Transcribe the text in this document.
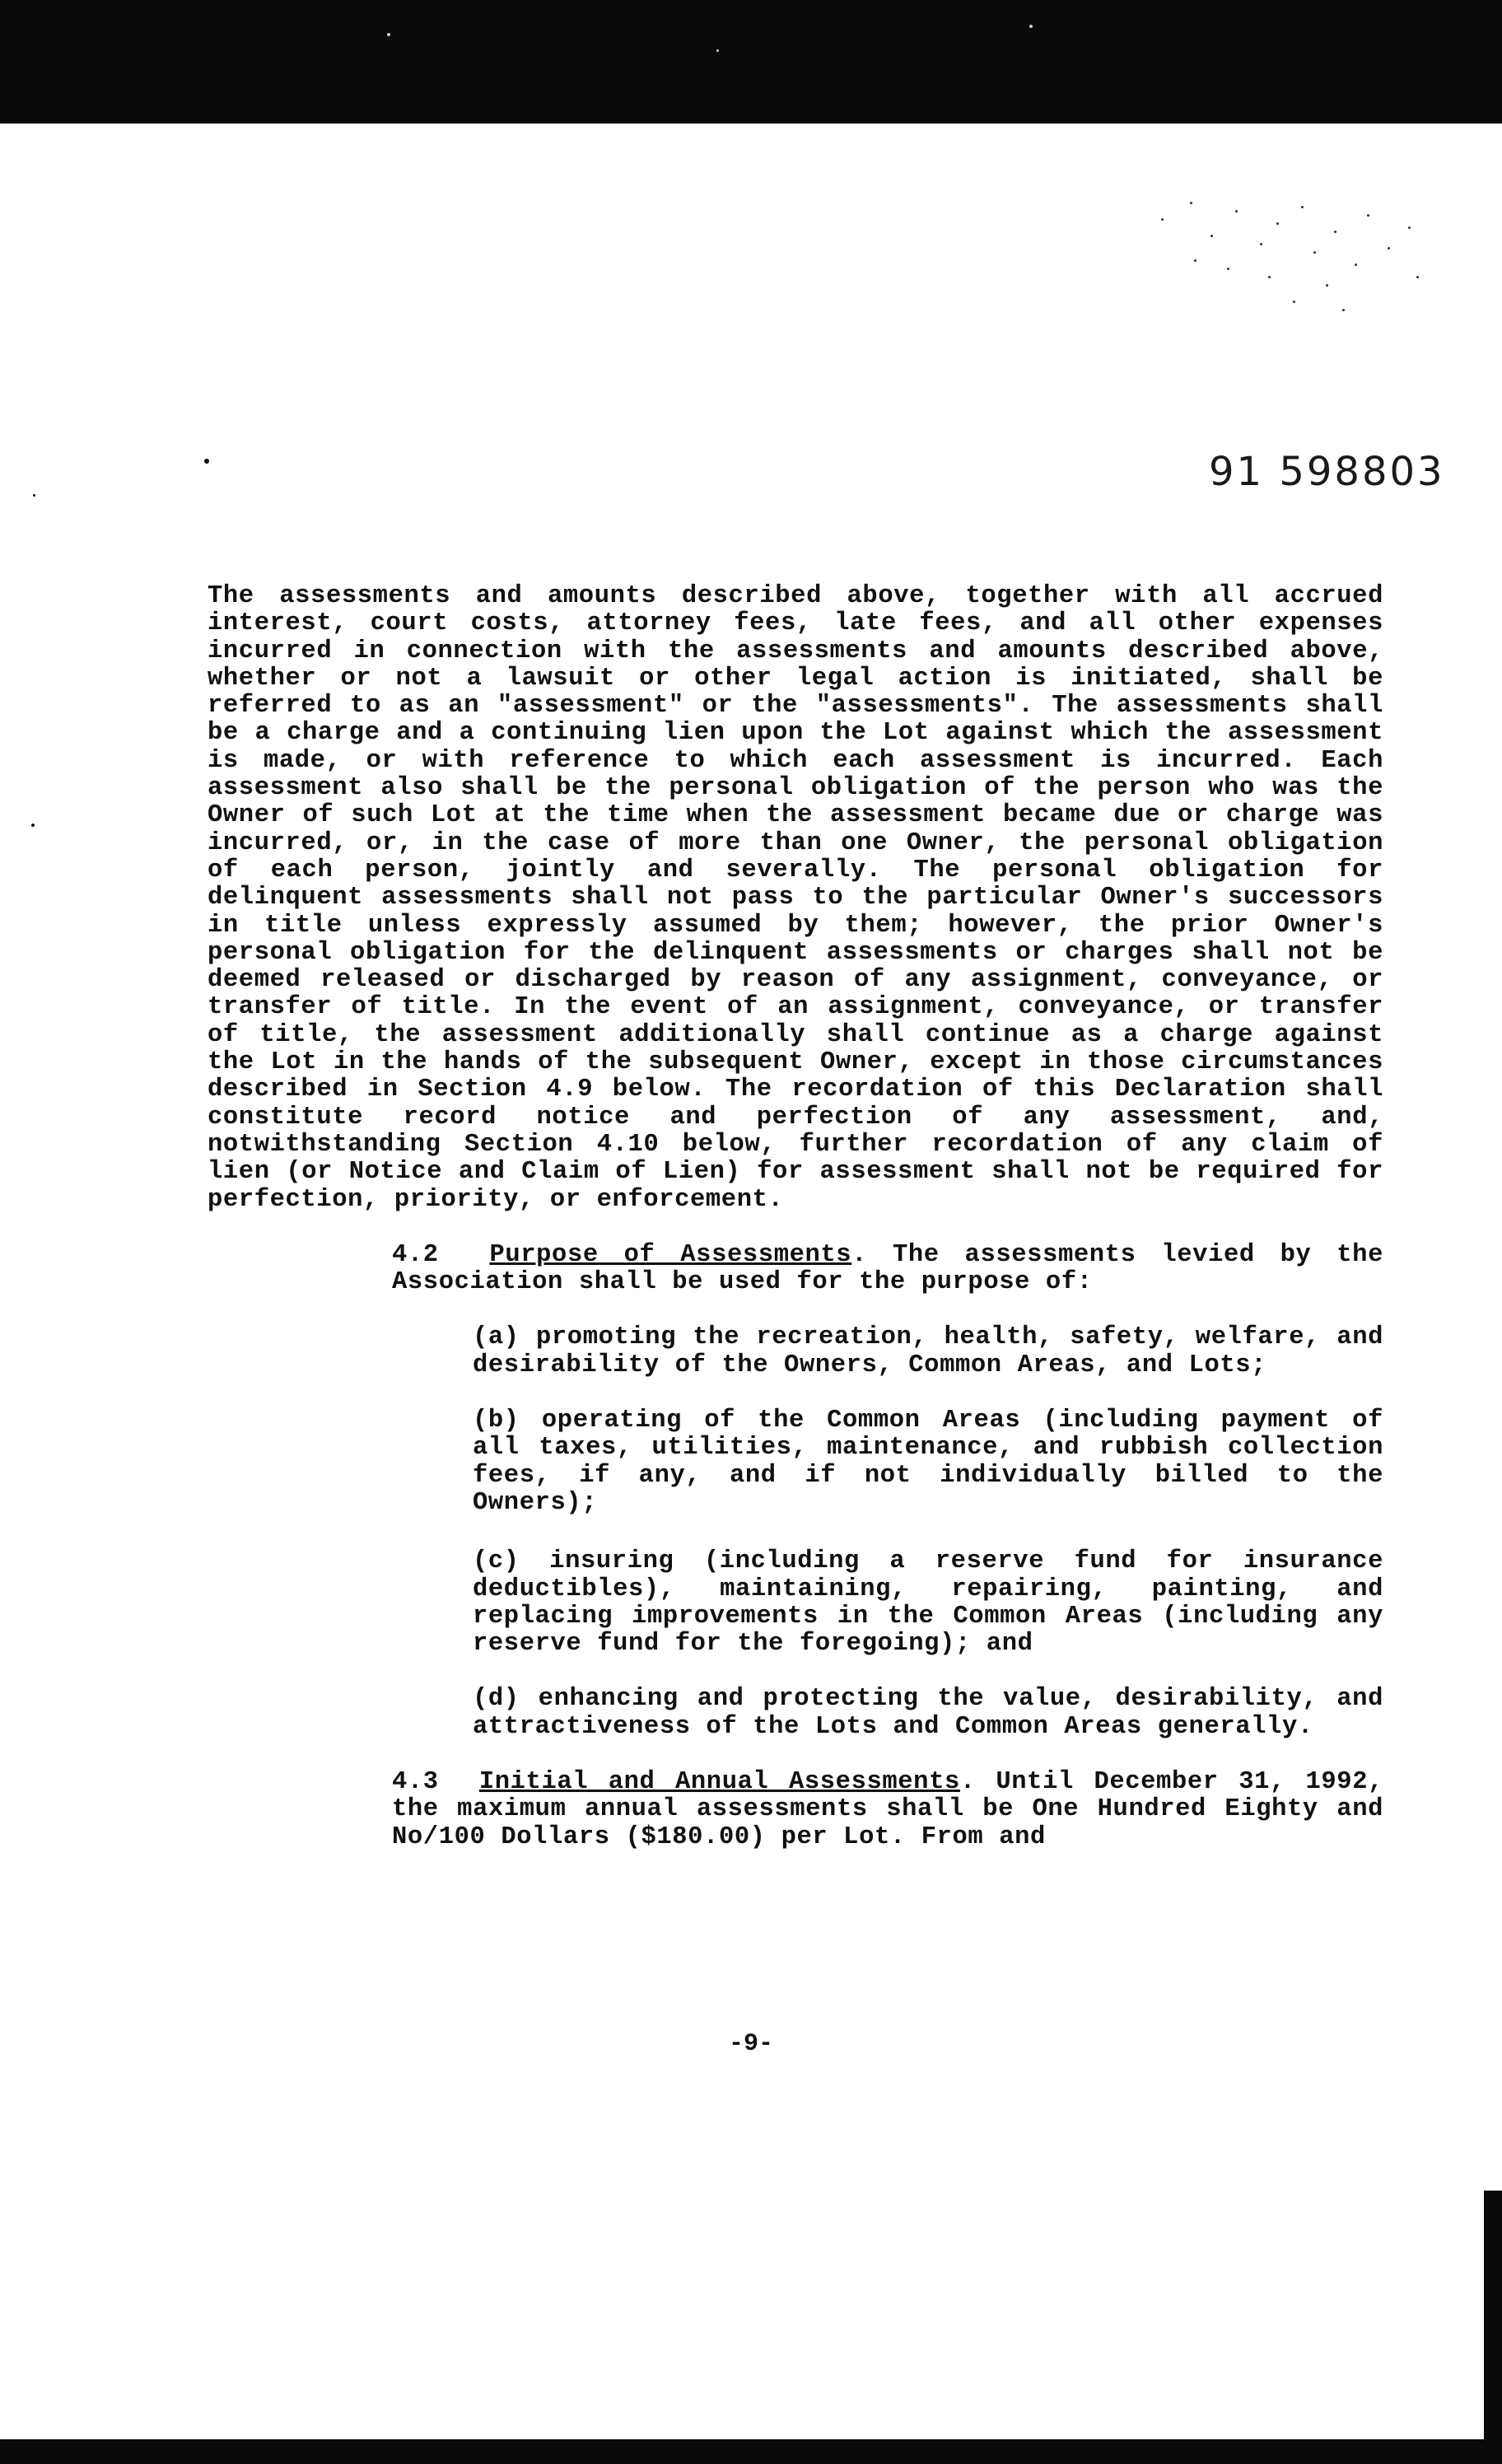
91 598803

The assessments and amounts described above, together with all accrued interest, court costs, attorney fees, late fees, and all other expenses incurred in connection with the assessments and amounts described above, whether or not a lawsuit or other legal action is initiated, shall be referred to as an "assessment" or the "assessments". The assessments shall be a charge and a continuing lien upon the Lot against which the assessment is made, or with reference to which each assessment is incurred. Each assessment also shall be the personal obligation of the person who was the Owner of such Lot at the time when the assessment became due or charge was incurred, or, in the case of more than one Owner, the personal obligation of each person, jointly and severally. The personal obligation for delinquent assessments shall not pass to the particular Owner's successors in title unless expressly assumed by them; however, the prior Owner's personal obligation for the delinquent assessments or charges shall not be deemed released or discharged by reason of any assignment, conveyance, or transfer of title. In the event of an assignment, conveyance, or transfer of title, the assessment additionally shall continue as a charge against the Lot in the hands of the subsequent Owner, except in those circumstances described in Section 4.9 below. The recordation of this Declaration shall constitute record notice and perfection of any assessment, and, notwithstanding Section 4.10 below, further recordation of any claim of lien (or Notice and Claim of Lien) for assessment shall not be required for perfection, priority, or enforcement.

4.2 Purpose of Assessments. The assessments levied by the Association shall be used for the purpose of:

(a) promoting the recreation, health, safety, welfare, and desirability of the Owners, Common Areas, and Lots;

(b) operating of the Common Areas (including payment of all taxes, utilities, maintenance, and rubbish collection fees, if any, and if not individually billed to the Owners);

(c) insuring (including a reserve fund for insurance deductibles), maintaining, repairing, painting, and replacing improvements in the Common Areas (including any reserve fund for the foregoing); and

(d) enhancing and protecting the value, desirability, and attractiveness of the Lots and Common Areas generally.

4.3 Initial and Annual Assessments. Until December 31, 1992, the maximum annual assessments shall be One Hundred Eighty and No/100 Dollars ($180.00) per Lot. From and

-9-
